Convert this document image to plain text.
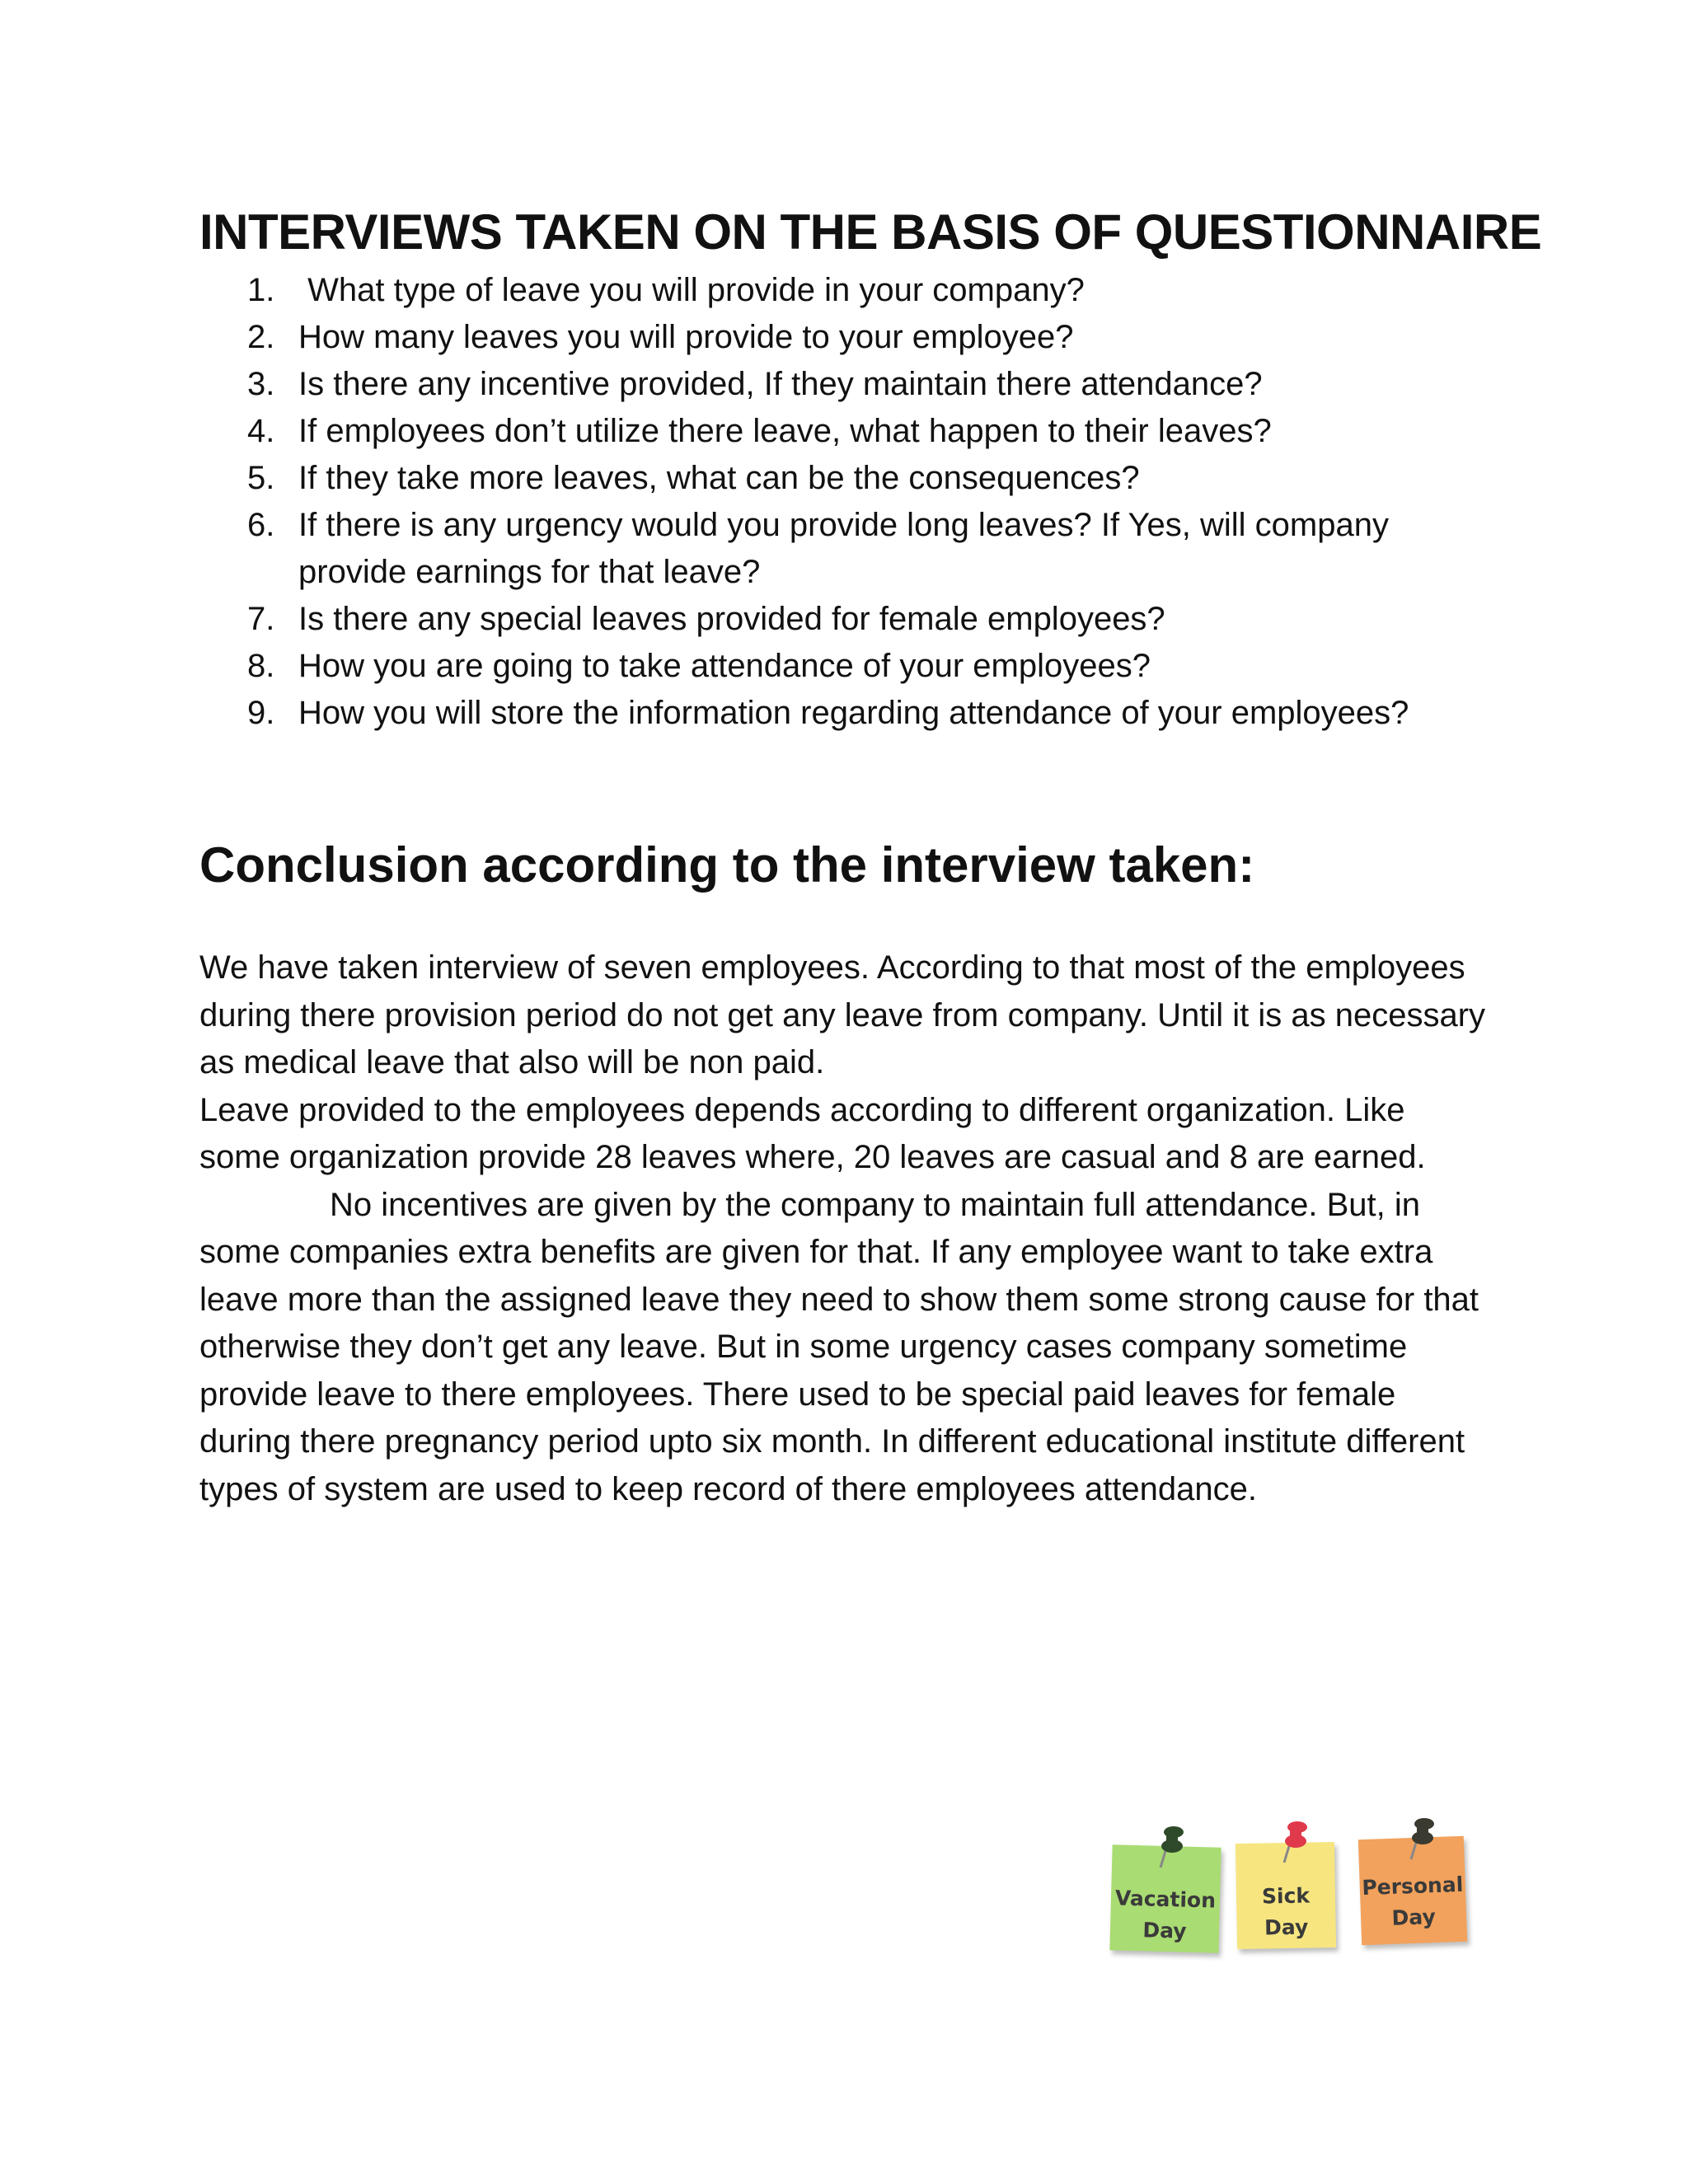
INTERVIEWS TAKEN ON THE BASIS OF QUESTIONNAIRE
1. What type of leave you will provide in your company?
2. How many leaves you will provide to your employee?
3. Is there any incentive provided, If they maintain there attendance?
4. If employees don’t utilize there leave, what happen to their leaves?
5. If they take more leaves, what can be the consequences?
6. If there is any urgency would you provide long leaves? If Yes, will company provide earnings for that leave?
7. Is there any special leaves provided for female employees?
8. How you are going to take attendance of your employees?
9. How you will store the information regarding attendance of your employees?
Conclusion according to the interview taken:

We have taken interview of seven employees. According to that most of the employees during there provision period do not get any leave from company. Until it is as necessary as medical leave that also will be non paid.

Leave provided to the employees depends according to different organization. Like some organization provide 28 leaves where, 20 leaves are casual and 8 are earned.

No incentives are given by the company to maintain full attendance. But, in some companies extra benefits are given for that. If any employee want to take extra leave more than the assigned leave they need to show them some strong cause for that otherwise they don’t get any leave. But in some urgency cases company sometime provide leave to there employees. There used to be special paid leaves for female during there pregnancy period upto six month. In different educational institute different types of system are used to keep record of there employees attendance.

Vacation
Day
Sick
Day
Personal
Day
